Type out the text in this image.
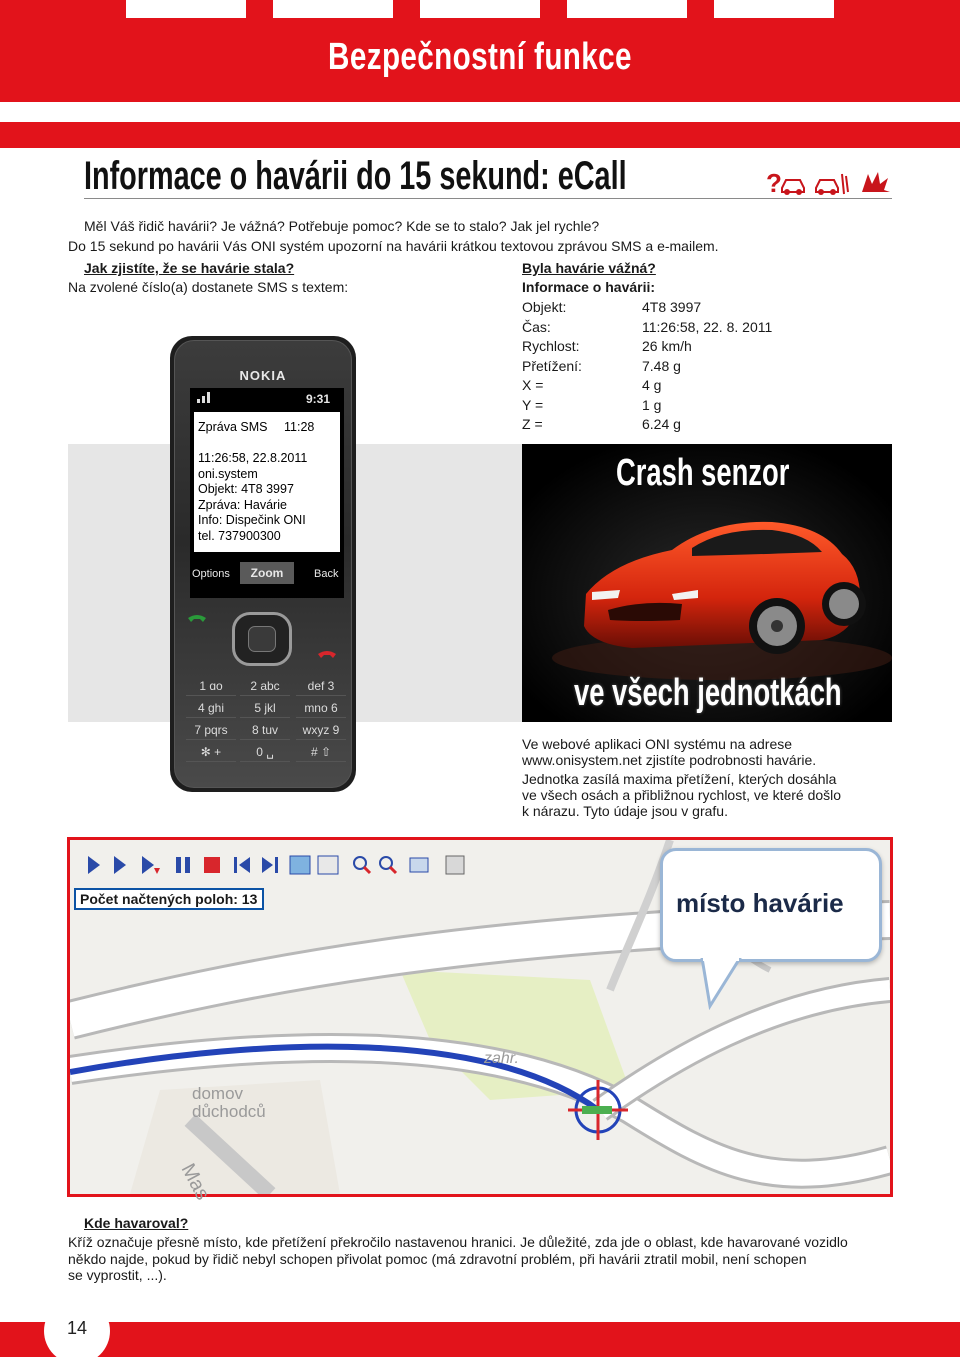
Bezpečnostní funkce
Informace o havárii do 15 sekund: eCall	?
Měl Váš řidič havárii? Je vážná? Potřebuje pomoc? Kde se to stalo? Jak jel rychle?
Do 15 sekund po havárii Vás ONI systém upozorní na havárii krátkou textovou zprávou SMS a e-mailem.
Jak zjistíte, že se havárie stala?
Na zvolené číslo(a) dostanete SMS s textem:
Byla havárie vážná?
Informace o havárii:
Objekt:	4T8 3997
Čas:	11:26:58, 22. 8. 2011
Rychlost:	26 km/h
Přetížení:	7.48 g
X =	4 g
Y =	1 g
Z =	6.24 g
NOKIA
9:31
Zpráva SMS 11:28
11:26:58, 22.8.2011
oni.system
Objekt: 4T8 3997
Zpráva: Havárie
Info: Dispečink ONI
tel. 737900300
Options	Zoom	Back
1 ɑo	2 abc	def 3
4 ghi	5 jkl	mno 6
7 pqrs	8 tuv	wxyz 9
✻ +	0 ␣	# ⇧
Crash senzor
ve všech jednotkách
Ve webové aplikaci ONI systému na adrese
www.onisystem.net zjistíte podrobnosti havárie.
Jednotka zasílá maxima přetížení, kterých dosáhla
ve všech osách a přibližnou rychlost, ve které došlo
k nárazu. Tyto údaje jsou v grafu.
Počet načtených poloh: 13	místo havárie
zahr.
domov
důchodců
Mas
Kde havaroval?
Kříž označuje přesně místo, kde přetížení překročilo nastavenou hranici. Je důležité, zda jde o oblast, kde havarované vozidlo
někdo najde, pokud by řidič nebyl schopen přivolat pomoc (má zdravotní problém, při havárii ztratil mobil, není schopen
se vyprostit, ...).
14
